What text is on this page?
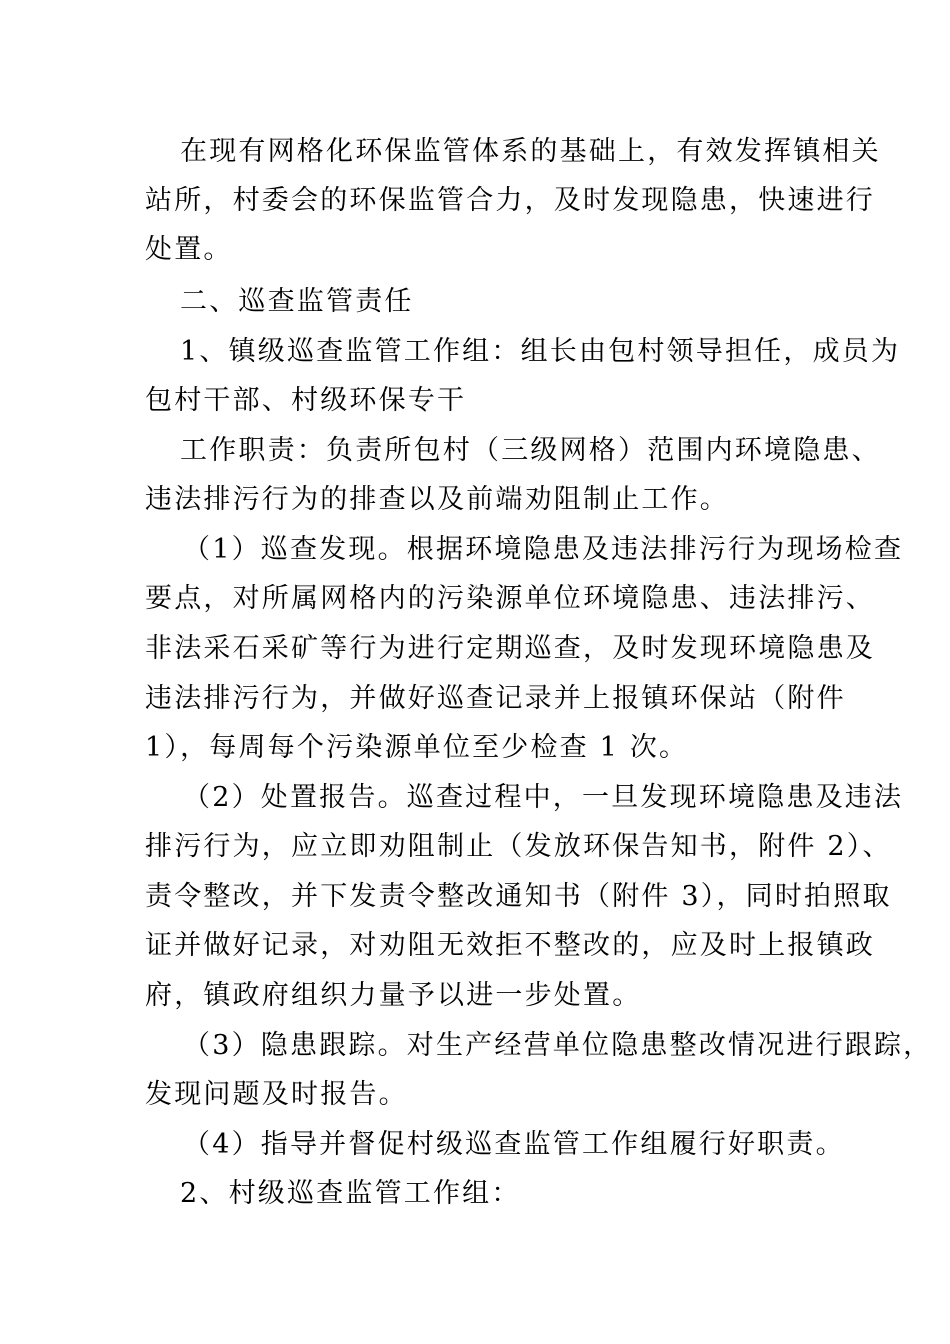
在现有网格化环保监管体系的基础上，有效发挥镇相关
站所，村委会的环保监管合力，及时发现隐患，快速进行
处置。
二、巡查监管责任
1、镇级巡查监管工作组：组长由包村领导担任，成员为
包村干部、村级环保专干
工作职责：负责所包村（三级网格）范围内环境隐患、
违法排污行为的排查以及前端劝阻制止工作。
（1）巡查发现。根据环境隐患及违法排污行为现场检查
要点，对所属网格内的污染源单位环境隐患、违法排污、
非法采石采矿等行为进行定期巡查，及时发现环境隐患及
违法排污行为，并做好巡查记录并上报镇环保站（附件
1），每周每个污染源单位至少检查 1 次。
（2）处置报告。巡查过程中，一旦发现环境隐患及违法
排污行为，应立即劝阻制止（发放环保告知书，附件 2）、
责令整改，并下发责令整改通知书（附件 3），同时拍照取
证并做好记录，对劝阻无效拒不整改的，应及时上报镇政
府，镇政府组织力量予以进一步处置。
（3）隐患跟踪。对生产经营单位隐患整改情况进行跟踪，
发现问题及时报告。
（4）指导并督促村级巡查监管工作组履行好职责。
2、村级巡查监管工作组：
